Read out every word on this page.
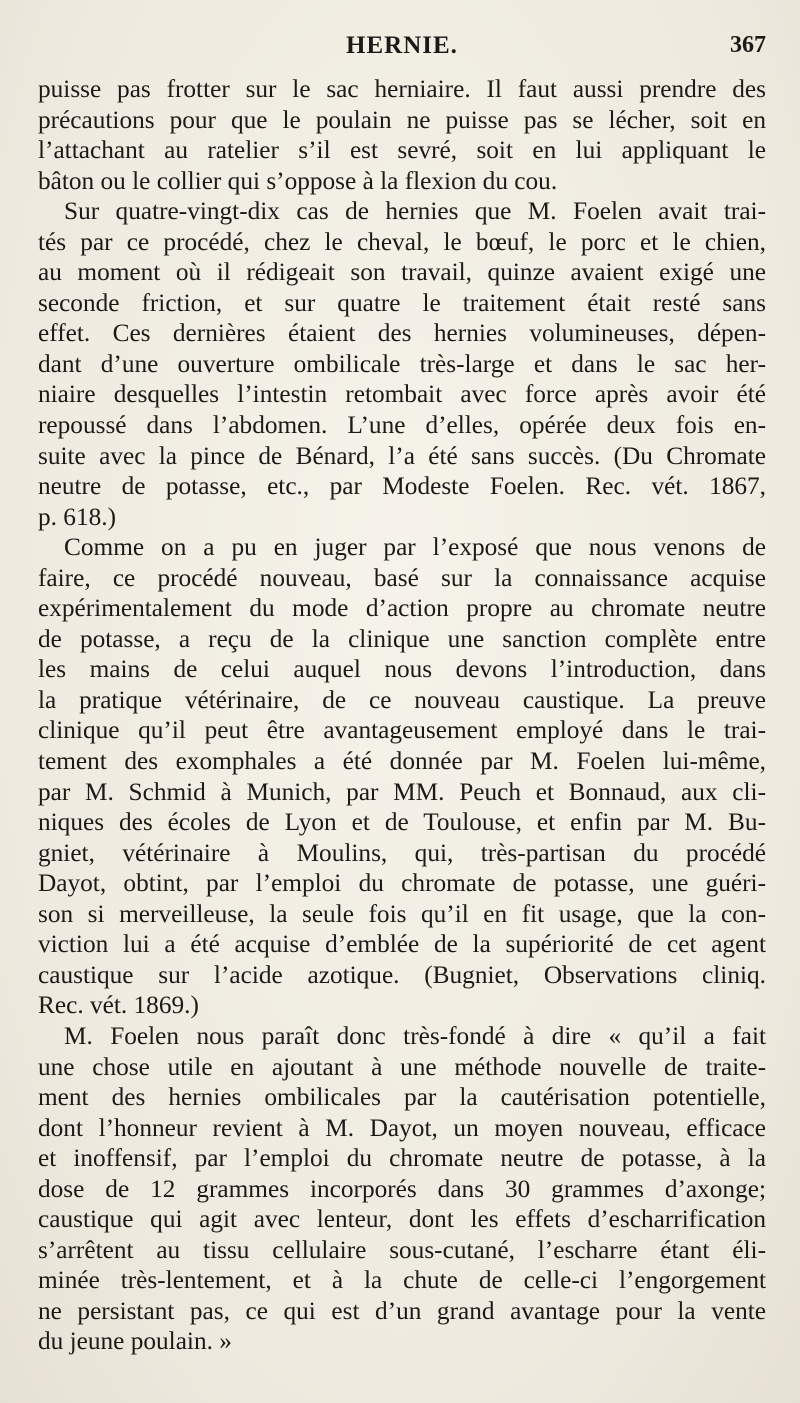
HERNIE.	367
puisse pas frotter sur le sac herniaire. Il faut aussi prendre des
précautions pour que le poulain ne puisse pas se lécher, soit en
l’attachant au ratelier s’il est sevré, soit en lui appliquant le
bâton ou le collier qui s’oppose à la flexion du cou.
Sur quatre-vingt-dix cas de hernies que M. Foelen avait trai-
tés par ce procédé, chez le cheval, le bœuf, le porc et le chien,
au moment où il rédigeait son travail, quinze avaient exigé une
seconde friction, et sur quatre le traitement était resté sans
effet. Ces dernières étaient des hernies volumineuses, dépen-
dant d’une ouverture ombilicale très-large et dans le sac her-
niaire desquelles l’intestin retombait avec force après avoir été
repoussé dans l’abdomen. L’une d’elles, opérée deux fois en-
suite avec la pince de Bénard, l’a été sans succès. (Du Chromate
neutre de potasse, etc., par Modeste Foelen. Rec. vét. 1867,
p. 618.)
Comme on a pu en juger par l’exposé que nous venons de
faire, ce procédé nouveau, basé sur la connaissance acquise
expérimentalement du mode d’action propre au chromate neutre
de potasse, a reçu de la clinique une sanction complète entre
les mains de celui auquel nous devons l’introduction, dans
la pratique vétérinaire, de ce nouveau caustique. La preuve
clinique qu’il peut être avantageusement employé dans le trai-
tement des exomphales a été donnée par M. Foelen lui-même,
par M. Schmid à Munich, par MM. Peuch et Bonnaud, aux cli-
niques des écoles de Lyon et de Toulouse, et enfin par M. Bu-
gniet, vétérinaire à Moulins, qui, très-partisan du procédé
Dayot, obtint, par l’emploi du chromate de potasse, une guéri-
son si merveilleuse, la seule fois qu’il en fit usage, que la con-
viction lui a été acquise d’emblée de la supériorité de cet agent
caustique sur l’acide azotique. (Bugniet, Observations cliniq.
Rec. vét. 1869.)
M. Foelen nous paraît donc très-fondé à dire « qu’il a fait
une chose utile en ajoutant à une méthode nouvelle de traite-
ment des hernies ombilicales par la cautérisation potentielle,
dont l’honneur revient à M. Dayot, un moyen nouveau, efficace
et inoffensif, par l’emploi du chromate neutre de potasse, à la
dose de 12 grammes incorporés dans 30 grammes d’axonge;
caustique qui agit avec lenteur, dont les effets d’escharrification
s’arrêtent au tissu cellulaire sous-cutané, l’escharre étant éli-
minée très-lentement, et à la chute de celle-ci l’engorgement
ne persistant pas, ce qui est d’un grand avantage pour la vente
du jeune poulain. »
